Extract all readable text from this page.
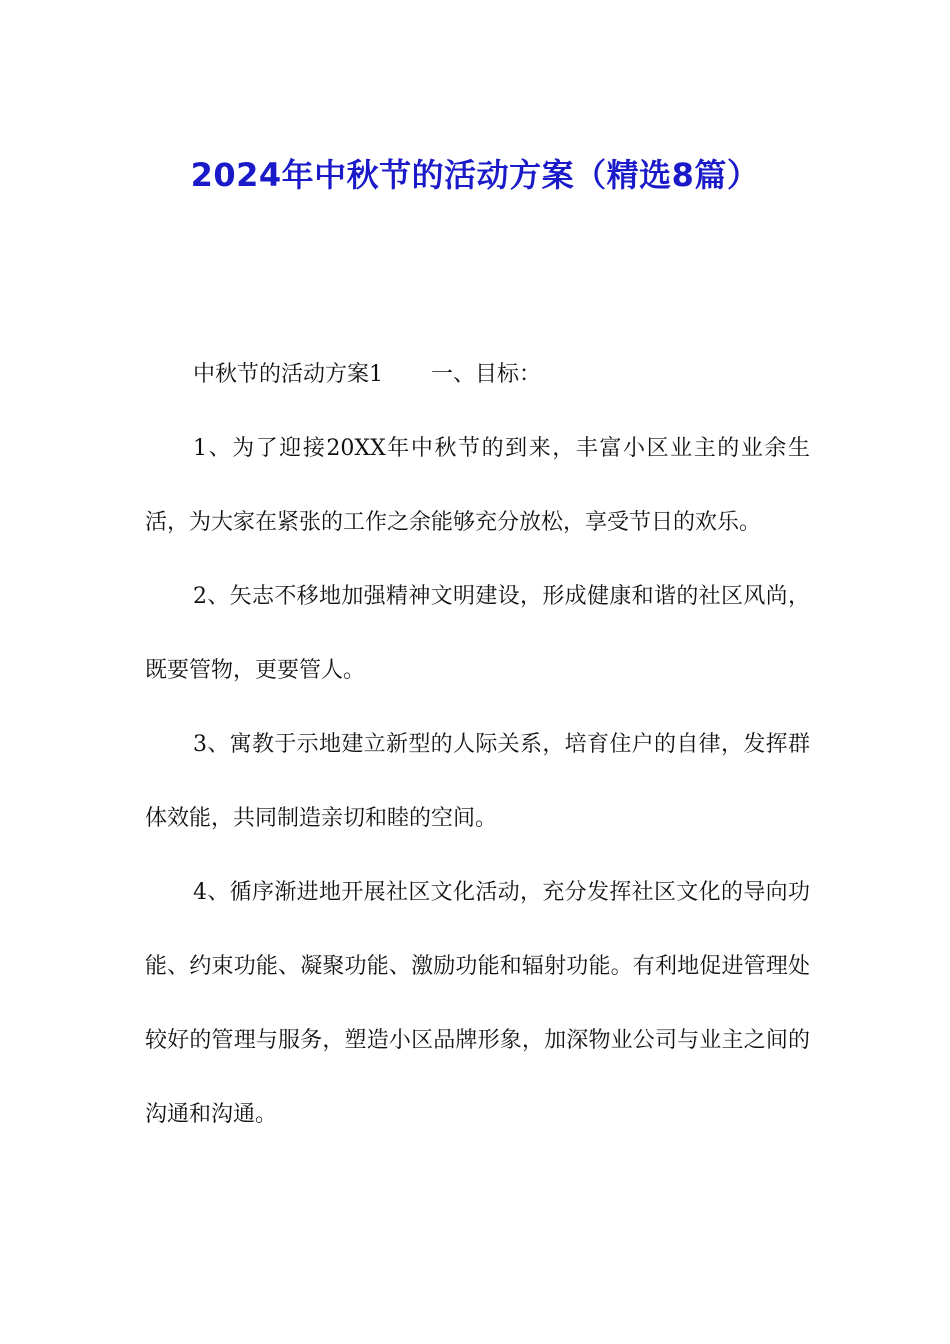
2024年中秋节的活动方案（精选8篇）

中秋节的活动方案1 一、目标：

1、为了迎接20XX年中秋节的到来，丰富小区业主的业余生活，为大家在紧张的工作之余能够充分放松，享受节日的欢乐。

2、矢志不移地加强精神文明建设，形成健康和谐的社区风尚，既要管物，更要管人。

3、寓教于示地建立新型的人际关系，培育住户的自律，发挥群体效能，共同制造亲切和睦的空间。

4、循序渐进地开展社区文化活动，充分发挥社区文化的导向功能、约束功能、凝聚功能、激励功能和辐射功能。有利地促进管理处较好的管理与服务，塑造小区品牌形象，加深物业公司与业主之间的沟通和沟通。
